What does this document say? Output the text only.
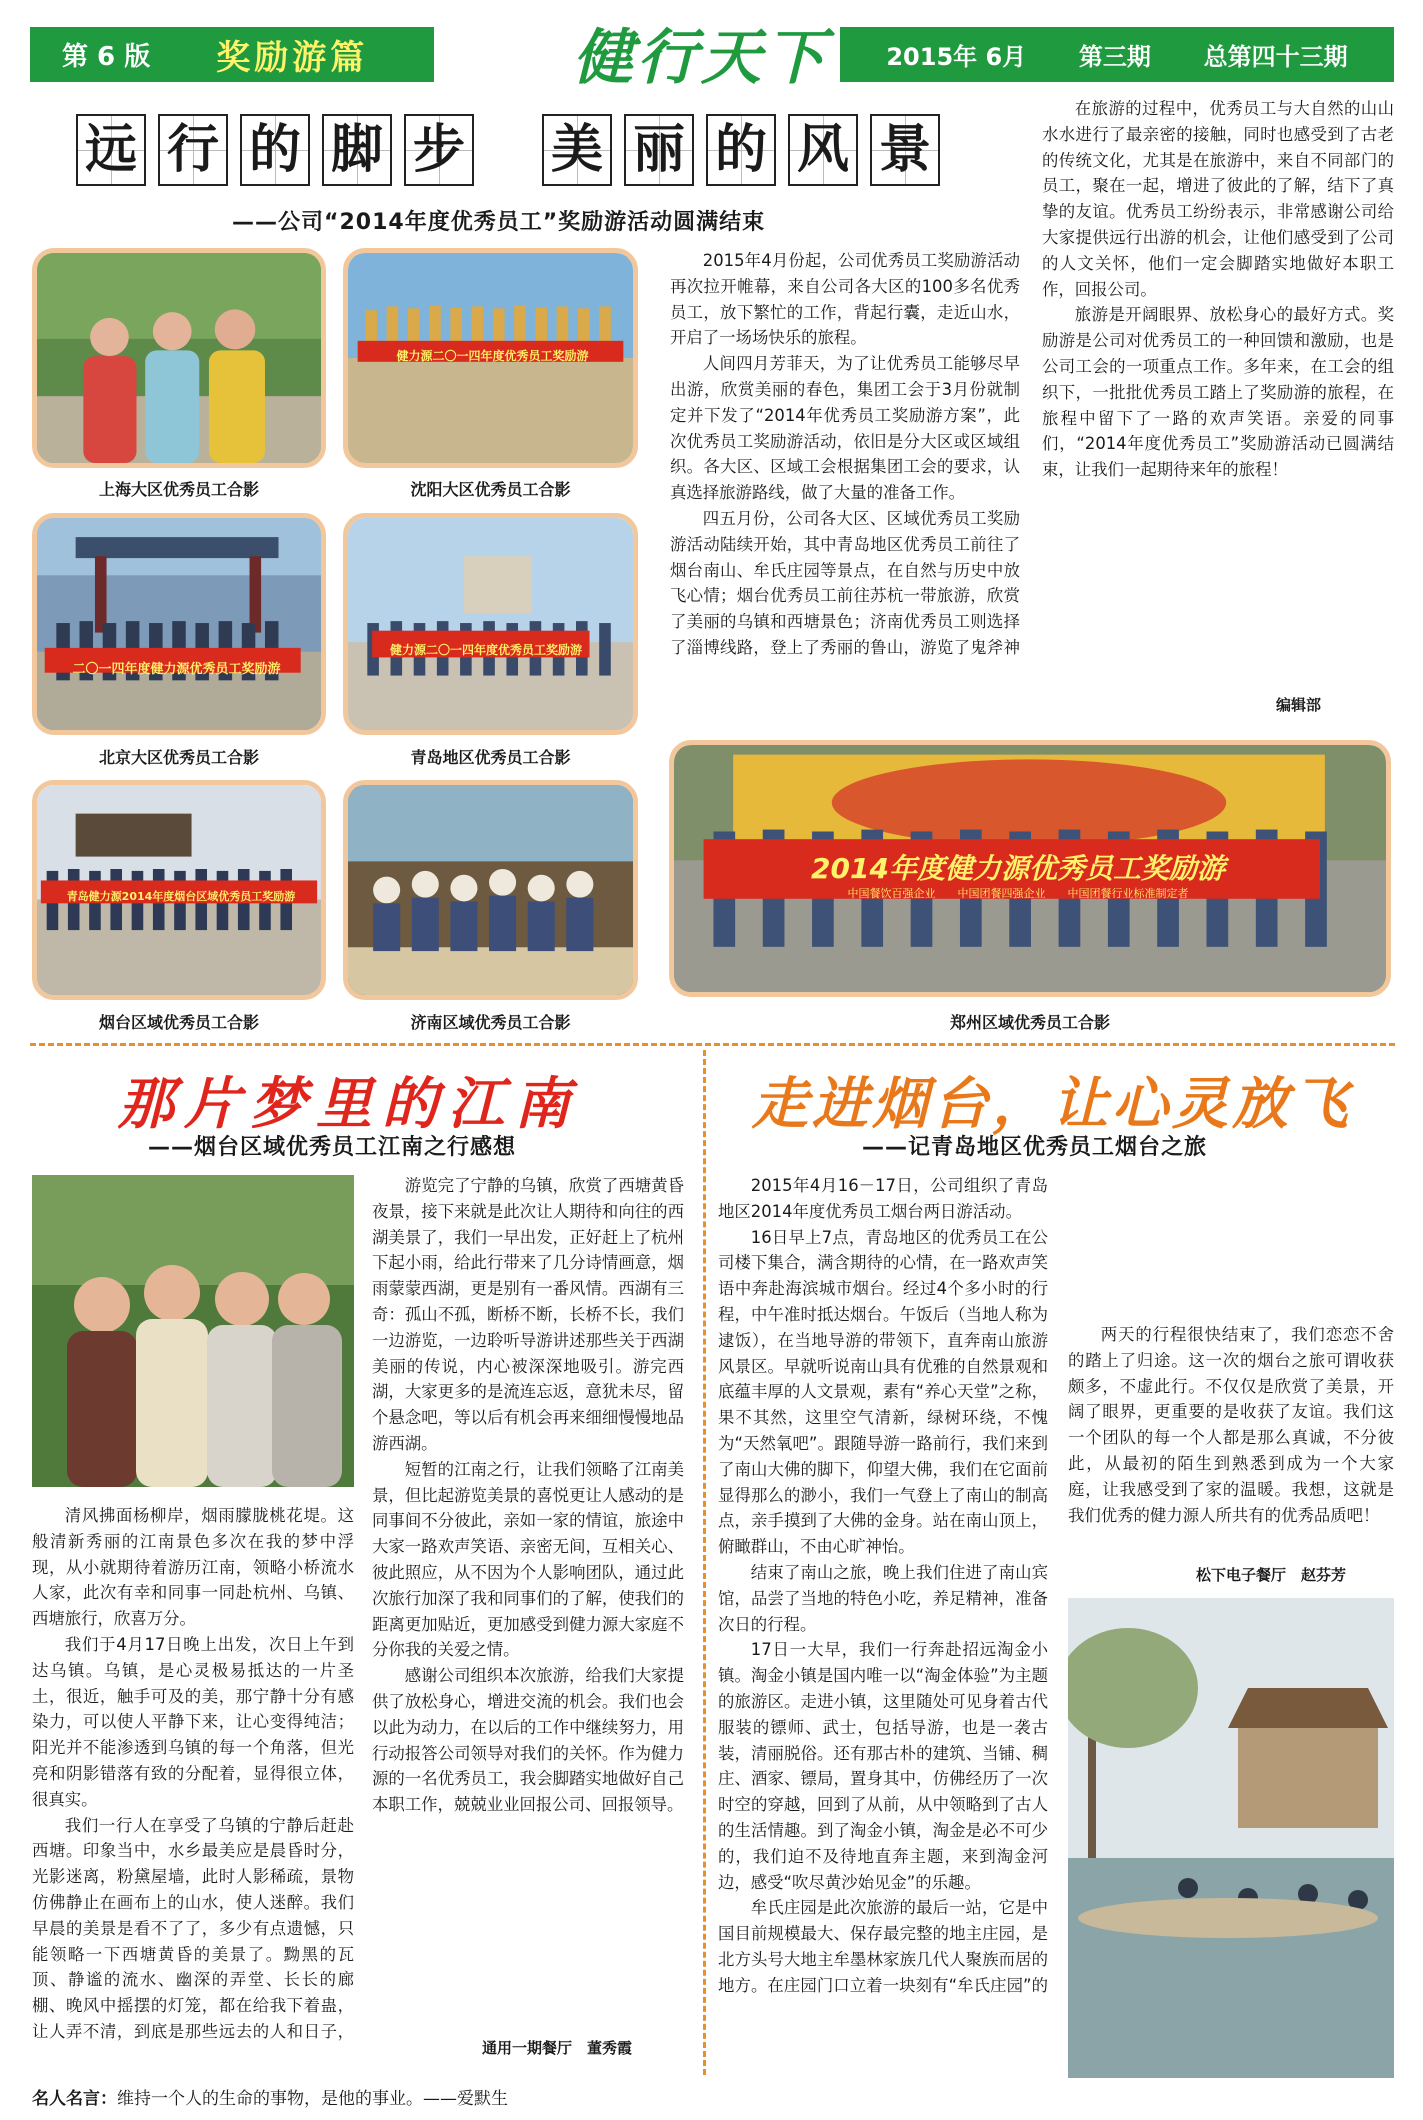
第 6 版 奖励游篇	健行天下 2015年 6月 第三期 总第四十三期
远 行 的 脚 步 美 丽 的 风 景
——公司“2014年度优秀员工”奖励游活动圆满结束
上海大区优秀员工合影
健力源二〇一四年度优秀员工奖励游
沈阳大区优秀员工合影
二〇一四年度健力源优秀员工奖励游
北京大区优秀员工合影
健力源二〇一四年度优秀员工奖励游
青岛地区优秀员工合影
青岛健力源2014年度烟台区域优秀员工奖励游
烟台区域优秀员工合影	济南区域优秀员工合影
2014年度健力源优秀员工奖励游
中国餐饮百强企业　　中国团餐四强企业　　中国团餐行业标准制定者
郑州区域优秀员工合影

2015年4月份起，公司优秀员工奖励游活动再次拉开帷幕，来自公司各大区的100多名优秀员工，放下繁忙的工作，背起行囊，走近山水，开启了一场场快乐的旅程。

人间四月芳菲天，为了让优秀员工能够尽早出游，欣赏美丽的春色，集团工会于3月份就制定并下发了“2014年优秀员工奖励游方案”，此次优秀员工奖励游活动，依旧是分大区或区域组织。各大区、区域工会根据集团工会的要求，认真选择旅游路线，做了大量的准备工作。

四五月份，公司各大区、区域优秀员工奖励游活动陆续开始，其中青岛地区优秀员工前往了烟台南山、牟氏庄园等景点，在自然与历史中放飞心情；烟台优秀员工前往苏杭一带旅游，欣赏了美丽的乌镇和西塘景色；济南优秀员工则选择了淄博线路，登上了秀丽的鲁山，游览了鬼斧神

在旅游的过程中，优秀员工与大自然的山山水水进行了最亲密的接触，同时也感受到了古老的传统文化，尤其是在旅游中，来自不同部门的员工，聚在一起，增进了彼此的了解，结下了真挚的友谊。优秀员工纷纷表示，非常感谢公司给大家提供远行出游的机会，让他们感受到了公司的人文关怀，他们一定会脚踏实地做好本职工作，回报公司。

旅游是开阔眼界、放松身心的最好方式。奖励游是公司对优秀员工的一种回馈和激励，也是公司工会的一项重点工作。多年来，在工会的组织下，一批批优秀员工踏上了奖励游的旅程，在旅程中留下了一路的欢声笑语。亲爱的同事们，“2014年度优秀员工”奖励游活动已圆满结束，让我们一起期待来年的旅程！

编辑部
那片梦里的江南
——烟台区域优秀员工江南之行感想

清风拂面杨柳岸，烟雨朦胧桃花堤。这般清新秀丽的江南景色多次在我的梦中浮现，从小就期待着游历江南，领略小桥流水人家，此次有幸和同事一同赴杭州、乌镇、西塘旅行，欣喜万分。

我们于4月17日晚上出发，次日上午到达乌镇。乌镇，是心灵极易抵达的一片圣土，很近，触手可及的美，那宁静十分有感染力，可以使人平静下来，让心变得纯洁；阳光并不能渗透到乌镇的每一个角落，但光亮和阴影错落有致的分配着，显得很立体，很真实。

我们一行人在享受了乌镇的宁静后赶赴西塘。印象当中，水乡最美应是晨昏时分，光影迷离，粉黛屋墙，此时人影稀疏，景物仿佛静止在画布上的山水，使人迷醉。我们早晨的美景是看不了了，多少有点遗憾，只能领略一下西塘黄昏的美景了。黝黑的瓦顶、静谧的流水、幽深的弄堂、长长的廊棚、晚风中摇摆的灯笼，都在给我下着蛊，让人弄不清，到底是那些远去的人和日子，

游览完了宁静的乌镇，欣赏了西塘黄昏夜景，接下来就是此次让人期待和向往的西湖美景了，我们一早出发，正好赶上了杭州下起小雨，给此行带来了几分诗情画意，烟雨蒙蒙西湖，更是别有一番风情。西湖有三奇：孤山不孤，断桥不断，长桥不长，我们一边游览，一边聆听导游讲述那些关于西湖美丽的传说，内心被深深地吸引。游完西湖，大家更多的是流连忘返，意犹未尽，留个悬念吧，等以后有机会再来细细慢慢地品游西湖。

短暂的江南之行，让我们领略了江南美景，但比起游览美景的喜悦更让人感动的是同事间不分彼此，亲如一家的情谊，旅途中大家一路欢声笑语、亲密无间，互相关心、彼此照应，从不因为个人影响团队，通过此次旅行加深了我和同事们的了解，使我们的距离更加贴近，更加感受到健力源大家庭不分你我的关爱之情。

感谢公司组织本次旅游，给我们大家提供了放松身心，增进交流的机会。我们也会以此为动力，在以后的工作中继续努力，用行动报答公司领导对我们的关怀。作为健力源的一名优秀员工，我会脚踏实地做好自己本职工作，兢兢业业回报公司、回报领导。

通用一期餐厅　董秀霞
走进烟台，让心灵放飞
——记青岛地区优秀员工烟台之旅

2015年4月16－17日，公司组织了青岛地区2014年度优秀员工烟台两日游活动。

16日早上7点，青岛地区的优秀员工在公司楼下集合，满含期待的心情，在一路欢声笑语中奔赴海滨城市烟台。经过4个多小时的行程，中午准时抵达烟台。午饭后（当地人称为逮饭），在当地导游的带领下，直奔南山旅游风景区。早就听说南山具有优雅的自然景观和底蕴丰厚的人文景观，素有“养心天堂”之称，果不其然，这里空气清新，绿树环绕，不愧为“天然氧吧”。跟随导游一路前行，我们来到了南山大佛的脚下，仰望大佛，我们在它面前显得那么的渺小，我们一气登上了南山的制高点，亲手摸到了大佛的金身。站在南山顶上，俯瞰群山，不由心旷神怡。

结束了南山之旅，晚上我们住进了南山宾馆，品尝了当地的特色小吃，养足精神，准备次日的行程。

17日一大早，我们一行奔赴招远淘金小镇。淘金小镇是国内唯一以“淘金体验”为主题的旅游区。走进小镇，这里随处可见身着古代服装的镖师、武士，包括导游，也是一袭古装，清丽脱俗。还有那古朴的建筑、当铺、稠庄、酒家、镖局，置身其中，仿佛经历了一次时空的穿越，回到了从前，从中领略到了古人的生活情趣。到了淘金小镇，淘金是必不可少的，我们迫不及待地直奔主题，来到淘金河边，感受“吹尽黄沙始见金”的乐趣。

牟氏庄园是此次旅游的最后一站，它是中国目前规模最大、保存最完整的地主庄园，是北方头号大地主牟墨林家族几代人聚族而居的地方。在庄园门口立着一块刻有“牟氏庄园”的

两天的行程很快结束了，我们恋恋不舍的踏上了归途。这一次的烟台之旅可谓收获颇多，不虚此行。不仅仅是欣赏了美景，开阔了眼界，更重要的是收获了友谊。我们这一个团队的每一个人都是那么真诚，不分彼此，从最初的陌生到熟悉到成为一个大家庭，让我感受到了家的温暖。我想，这就是我们优秀的健力源人所共有的优秀品质吧！

松下电子餐厅　赵芬芳
名人名言：维持一个人的生命的事物，是他的事业。——爱默生
